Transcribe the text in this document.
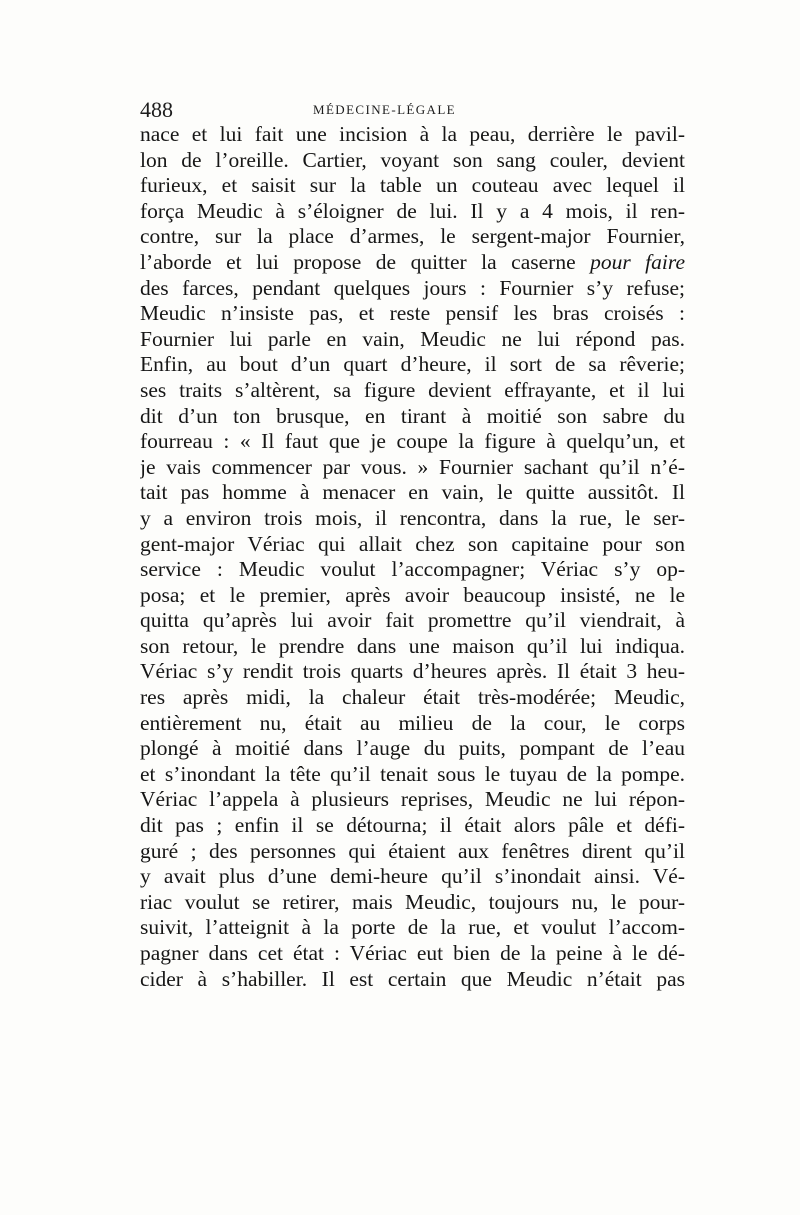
488	MÉDECINE-LÉGALE
nace et lui fait une incision à la peau, derrière le pavil-
lon de l’oreille. Cartier, voyant son sang couler, devient
furieux, et saisit sur la table un couteau avec lequel il
força Meudic à s’éloigner de lui. Il y a 4 mois, il ren-
contre, sur la place d’armes, le sergent-major Fournier,
l’aborde et lui propose de quitter la caserne pour faire
des farces, pendant quelques jours : Fournier s’y refuse;
Meudic n’insiste pas, et reste pensif les bras croisés :
Fournier lui parle en vain, Meudic ne lui répond pas.
Enfin, au bout d’un quart d’heure, il sort de sa rêverie;
ses traits s’altèrent, sa figure devient effrayante, et il lui
dit d’un ton brusque, en tirant à moitié son sabre du
fourreau : « Il faut que je coupe la figure à quelqu’un, et
je vais commencer par vous. » Fournier sachant qu’il n’é-
tait pas homme à menacer en vain, le quitte aussitôt. Il
y a environ trois mois, il rencontra, dans la rue, le ser-
gent-major Vériac qui allait chez son capitaine pour son
service : Meudic voulut l’accompagner; Vériac s’y op-
posa; et le premier, après avoir beaucoup insisté, ne le
quitta qu’après lui avoir fait promettre qu’il viendrait, à
son retour, le prendre dans une maison qu’il lui indiqua.
Vériac s’y rendit trois quarts d’heures après. Il était 3 heu-
res après midi, la chaleur était très-modérée; Meudic,
entièrement nu, était au milieu de la cour, le corps
plongé à moitié dans l’auge du puits, pompant de l’eau
et s’inondant la tête qu’il tenait sous le tuyau de la pompe.
Vériac l’appela à plusieurs reprises, Meudic ne lui répon-
dit pas ; enfin il se détourna; il était alors pâle et défi-
guré ; des personnes qui étaient aux fenêtres dirent qu’il
y avait plus d’une demi-heure qu’il s’inondait ainsi. Vé-
riac voulut se retirer, mais Meudic, toujours nu, le pour-
suivit, l’atteignit à la porte de la rue, et voulut l’accom-
pagner dans cet état : Vériac eut bien de la peine à le dé-
cider à s’habiller. Il est certain que Meudic n’était pas
